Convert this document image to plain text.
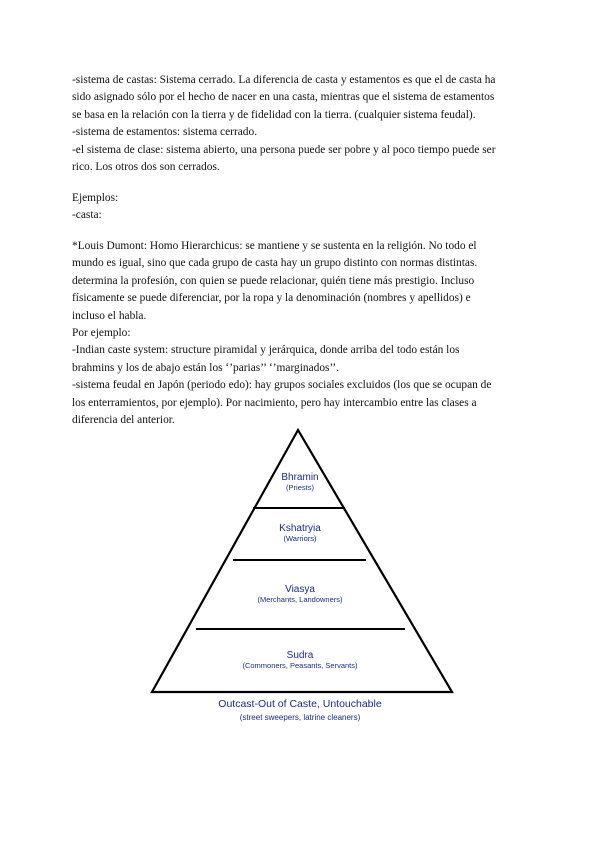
-sistema de castas: Sistema cerrado. La diferencia de casta y estamentos es que el de casta ha
sido asignado sólo por el hecho de nacer en una casta, mientras que el sistema de estamentos
se basa en la relación con la tierra y de fidelidad con la tierra. (cualquier sistema feudal).
-sistema de estamentos: sistema cerrado.
-el sistema de clase: sistema abierto, una persona puede ser pobre y al poco tiempo puede ser
rico. Los otros dos son cerrados.
Ejemplos:
-casta:
*Louis Dumont: Homo Hierarchicus: se mantiene y se sustenta en la religión. No todo el
mundo es igual, sino que cada grupo de casta hay un grupo distinto con normas distintas.
determina la profesión, con quien se puede relacionar, quién tiene más prestigio. Incluso
físicamente se puede diferenciar, por la ropa y la denominación (nombres y apellidos) e
incluso el habla.
Por ejemplo:
-Indian caste system: structure piramidal y jerárquica, donde arriba del todo están los
brahmins y los de abajo están los ‘’parias’’ ‘’marginados’’.
-sistema feudal en Japón (periodo edo): hay grupos sociales excluidos (los que se ocupan de
los enterramientos, por ejemplo). Por nacimiento, pero hay intercambio entre las clases a
diferencia del anterior.
Bhramin
(Priests)
Kshatryia
(Warriors)
Viasya
(Merchants, Landowners)
Sudra
(Commoners, Peasants, Servants)
Outcast-Out of Caste, Untouchable
(street sweepers, latrine cleaners)
